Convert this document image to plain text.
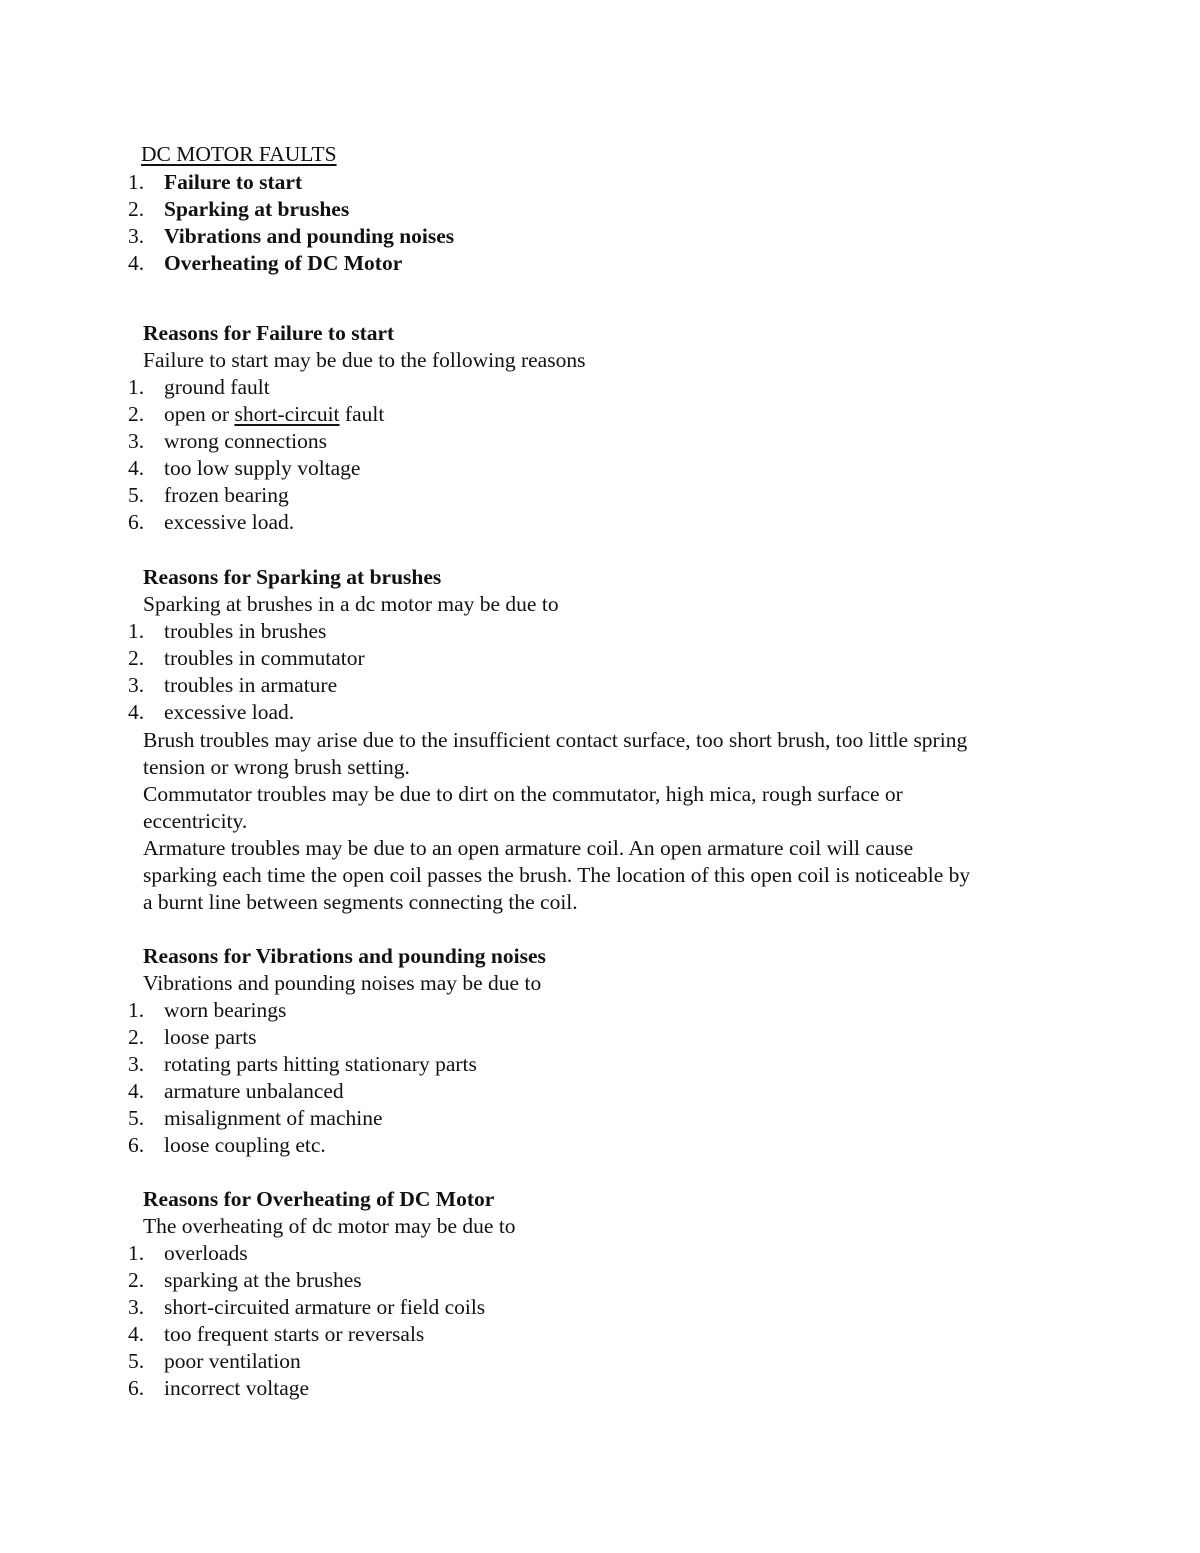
DC MOTOR FAULTS
1. Failure to start
2. Sparking at brushes
3. Vibrations and pounding noises
4. Overheating of DC Motor
Reasons for Failure to start
Failure to start may be due to the following reasons
1. ground fault
2. open or short-circuit fault
3. wrong connections
4. too low supply voltage
5. frozen bearing
6. excessive load.
Reasons for Sparking at brushes
Sparking at brushes in a dc motor may be due to
1. troubles in brushes
2. troubles in commutator
3. troubles in armature
4. excessive load.
Brush troubles may arise due to the insufficient contact surface, too short brush, too little spring
tension or wrong brush setting.
Commutator troubles may be due to dirt on the commutator, high mica, rough surface or
eccentricity.
Armature troubles may be due to an open armature coil. An open armature coil will cause
sparking each time the open coil passes the brush. The location of this open coil is noticeable by
a burnt line between segments connecting the coil.
Reasons for Vibrations and pounding noises
Vibrations and pounding noises may be due to
1. worn bearings
2. loose parts
3. rotating parts hitting stationary parts
4. armature unbalanced
5. misalignment of machine
6. loose coupling etc.
Reasons for Overheating of DC Motor
The overheating of dc motor may be due to
1. overloads
2. sparking at the brushes
3. short-circuited armature or field coils
4. too frequent starts or reversals
5. poor ventilation
6. incorrect voltage
